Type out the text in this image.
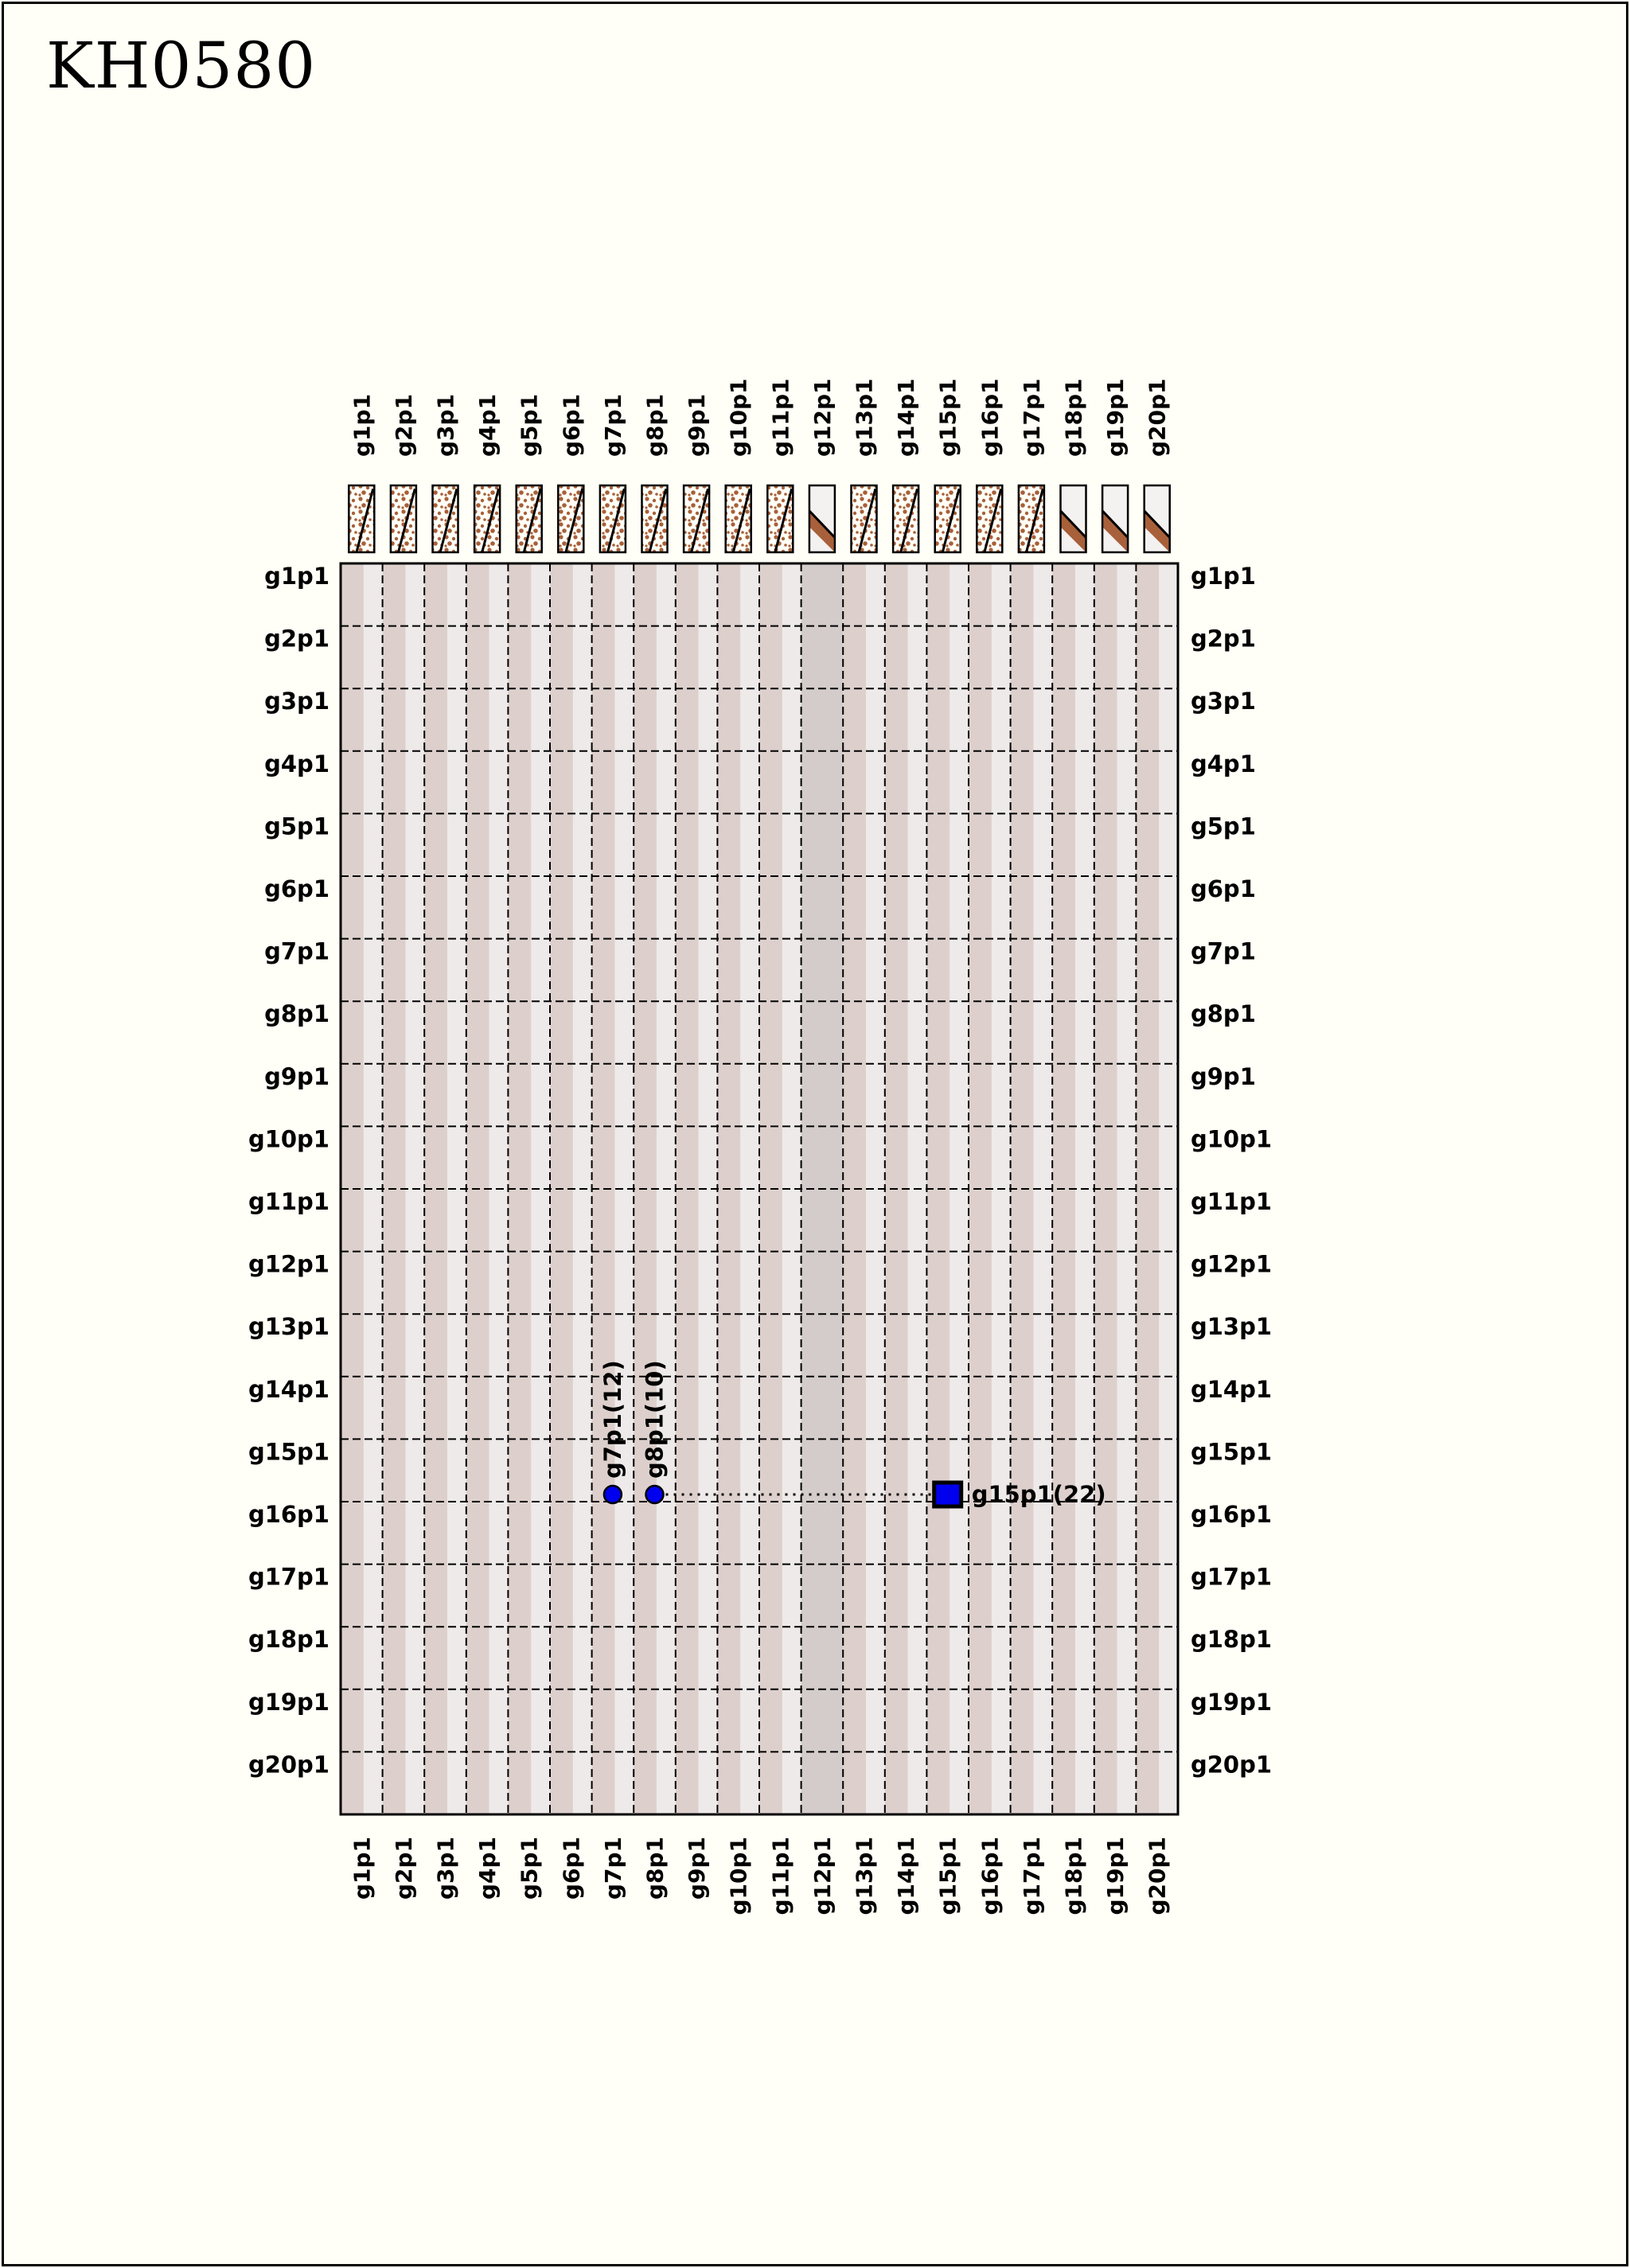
KH0580
g1p1
g1p1
g2p1
g2p1
g3p1
g3p1
g4p1
g4p1
g5p1
g5p1
g6p1
g6p1
g7p1
g7p1
g8p1
g8p1
g9p1
g9p1
g10p1
g10p1
g11p1
g11p1
g12p1
g12p1
g13p1
g13p1
g14p1
g14p1
g15p1
g15p1
g16p1
g16p1
g17p1
g17p1
g18p1
g18p1
g19p1
g19p1
g20p1
g20p1
g1p1	g1p1
g2p1	g2p1
g3p1	g3p1
g4p1	g4p1
g5p1	g5p1
g6p1	g6p1
g7p1	g7p1
g8p1	g8p1
g9p1	g9p1
g10p1	g10p1
g11p1	g11p1
g12p1	g12p1
g13p1	g13p1
g14p1	g14p1
g15p1	g15p1
g16p1	g16p1
g17p1	g17p1
g18p1	g18p1
g19p1	g19p1
g20p1	g20p1
g7p1(12) g8p1(10)
g15p1(22)
